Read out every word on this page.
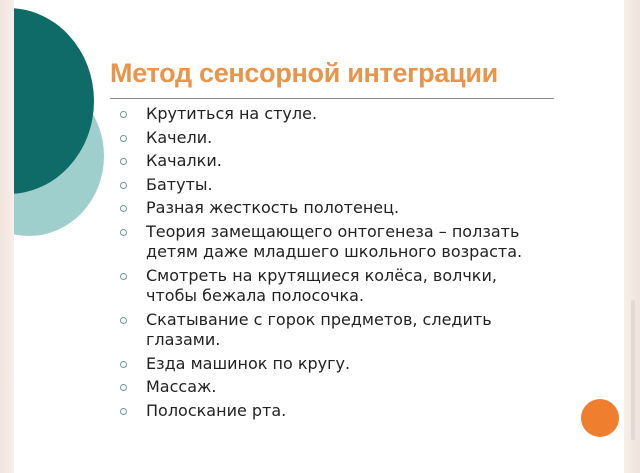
Метод сенсорной интеграции
Крутиться на стуле.
Качели.
Качалки.
Батуты.
Разная жесткость полотенец.
Теория замещающего онтогенеза – ползать детям даже младшего школьного возраста.
Смотреть на крутящиеся колёса, волчки, чтобы бежала полосочка.
Скатывание с горок предметов, следить глазами.
Езда машинок по кругу.
Массаж.
Полоскание рта.
